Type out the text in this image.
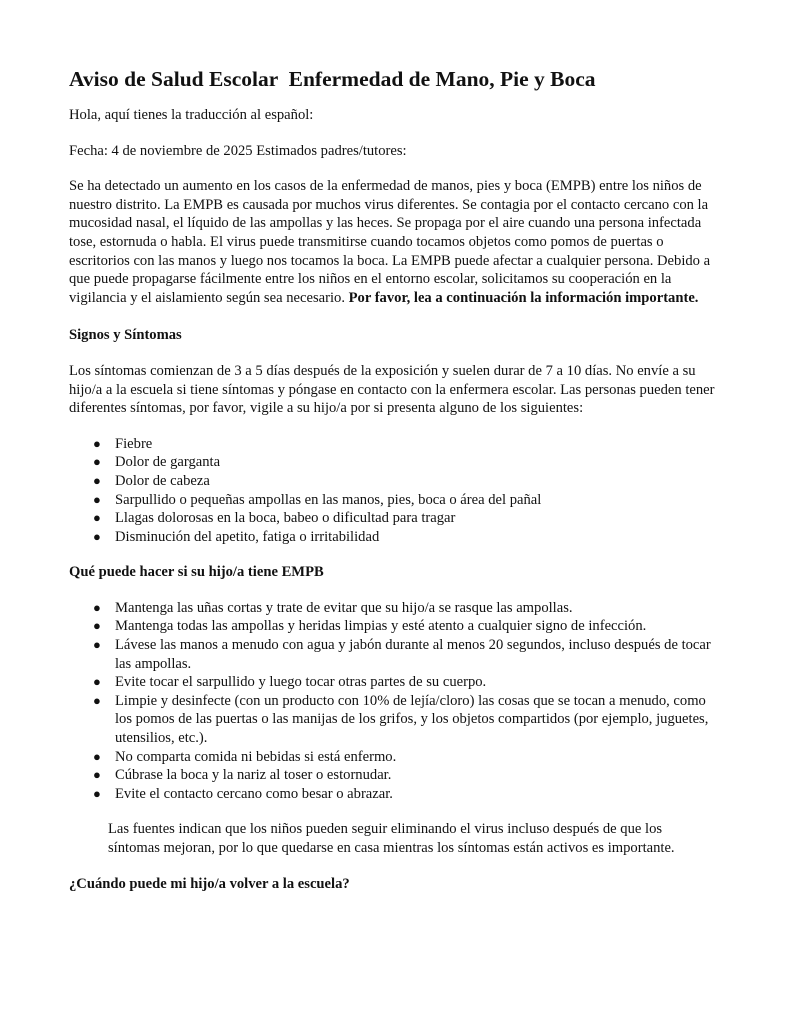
Aviso de Salud Escolar  Enfermedad de Mano, Pie y Boca

Hola, aquí tienes la traducción al español:

Fecha: 4 de noviembre de 2025 Estimados padres/tutores:

Se ha detectado un aumento en los casos de la enfermedad de manos, pies y boca (EMPB) entre los niños de nuestro distrito. La EMPB es causada por muchos virus diferentes. Se contagia por el contacto cercano con la mucosidad nasal, el líquido de las ampollas y las heces. Se propaga por el aire cuando una persona infectada tose, estornuda o habla. El virus puede transmitirse cuando tocamos objetos como pomos de puertas o escritorios con las manos y luego nos tocamos la boca. La EMPB puede afectar a cualquier persona. Debido a que puede propagarse fácilmente entre los niños en el entorno escolar, solicitamos su cooperación en la vigilancia y el aislamiento según sea necesario. Por favor, lea a continuación la información importante.

Signos y Síntomas

Los síntomas comienzan de 3 a 5 días después de la exposición y suelen durar de 7 a 10 días. No envíe a su hijo/a a la escuela si tiene síntomas y póngase en contacto con la enfermera escolar. Las personas pueden tener diferentes síntomas, por favor, vigile a su hijo/a por si presenta alguno de los siguientes:

● Fiebre
● Dolor de garganta
● Dolor de cabeza
● Sarpullido o pequeñas ampollas en las manos, pies, boca o área del pañal
● Llagas dolorosas en la boca, babeo o dificultad para tragar
● Disminución del apetito, fatiga o irritabilidad

Qué puede hacer si su hijo/a tiene EMPB

● Mantenga las uñas cortas y trate de evitar que su hijo/a se rasque las ampollas.
● Mantenga todas las ampollas y heridas limpias y esté atento a cualquier signo de infección.
● Lávese las manos a menudo con agua y jabón durante al menos 20 segundos, incluso después de tocar las ampollas.
● Evite tocar el sarpullido y luego tocar otras partes de su cuerpo.
● Limpie y desinfecte (con un producto con 10% de lejía/cloro) las cosas que se tocan a menudo, como los pomos de las puertas o las manijas de los grifos, y los objetos compartidos (por ejemplo, juguetes, utensilios, etc.).
● No comparta comida ni bebidas si está enfermo.
● Cúbrase la boca y la nariz al toser o estornudar.
● Evite el contacto cercano como besar o abrazar.

Las fuentes indican que los niños pueden seguir eliminando el virus incluso después de que los síntomas mejoran, por lo que quedarse en casa mientras los síntomas están activos es importante.

¿Cuándo puede mi hijo/a volver a la escuela?
